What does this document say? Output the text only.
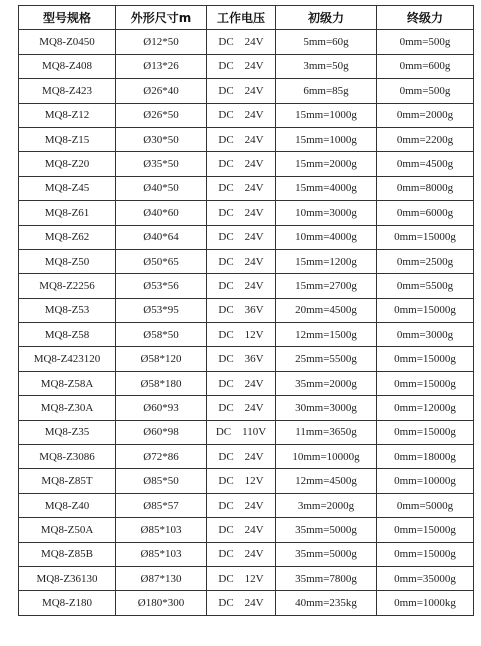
型号规格	外形尺寸m	工作电压	初级力	终级力
MQ8-Z0450	Ø12*50	DC    24V	5mm=60g	0mm=500g
MQ8-Z408	Ø13*26	DC    24V	3mm=50g	0mm=600g
MQ8-Z423	Ø26*40	DC    24V	6mm=85g	0mm=500g
MQ8-Z12	Ø26*50	DC    24V	15mm=1000g	0mm=2000g
MQ8-Z15	Ø30*50	DC    24V	15mm=1000g	0mm=2200g
MQ8-Z20	Ø35*50	DC    24V	15mm=2000g	0mm=4500g
MQ8-Z45	Ø40*50	DC    24V	15mm=4000g	0mm=8000g
MQ8-Z61	Ø40*60	DC    24V	10mm=3000g	0mm=6000g
MQ8-Z62	Ø40*64	DC    24V	10mm=4000g	0mm=15000g
MQ8-Z50	Ø50*65	DC    24V	15mm=1200g	0mm=2500g
MQ8-Z2256	Ø53*56	DC    24V	15mm=2700g	0mm=5500g
MQ8-Z53	Ø53*95	DC    36V	20mm=4500g	0mm=15000g
MQ8-Z58	Ø58*50	DC    12V	12mm=1500g	0mm=3000g
MQ8-Z423120	Ø58*120	DC    36V	25mm=5500g	0mm=15000g
MQ8-Z58A	Ø58*180	DC    24V	35mm=2000g	0mm=15000g
MQ8-Z30A	Ø60*93	DC    24V	30mm=3000g	0mm=12000g
MQ8-Z35	Ø60*98	DC    110V	11mm=3650g	0mm=15000g
MQ8-Z3086	Ø72*86	DC    24V	10mm=10000g	0mm=18000g
MQ8-Z85T	Ø85*50	DC    12V	12mm=4500g	0mm=10000g
MQ8-Z40	Ø85*57	DC    24V	3mm=2000g	0mm=5000g
MQ8-Z50A	Ø85*103	DC    24V	35mm=5000g	0mm=15000g
MQ8-Z85B	Ø85*103	DC    24V	35mm=5000g	0mm=15000g
MQ8-Z36130	Ø87*130	DC    12V	35mm=7800g	0mm=35000g
MQ8-Z180	Ø180*300	DC    24V	40mm=235kg	0mm=1000kg
